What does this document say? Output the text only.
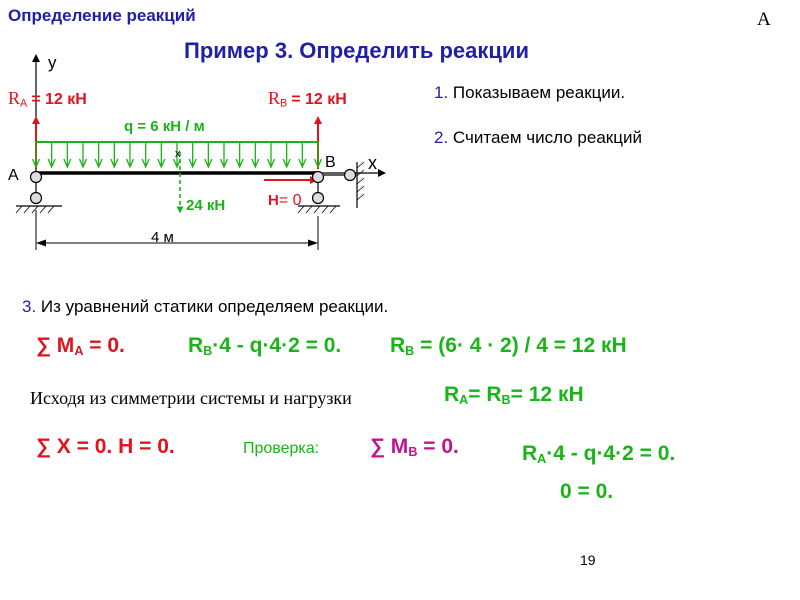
Определение реакций	A
Пример 3. Определить реакции
y
x
q = 6 кН / м
x
24 кН	H= 0
A
B
4 м
$R_A = 12$ кН	$R_B = 12$ кН	1. Показываем реакции.
2. Считаем число реакций
3. Из уравнений статики определяем реакции.
∑ $M_A = 0$.	$R_B\cdot 4 - q\cdot 4\cdot 2 = 0$. $R_B = (6\cdot 4 \cdot 2) / 4 = 12$ кН
Исходя из симметрии системы и нагрузки	$R_A= R_B= 12$ кН
∑ X = 0. H = 0.	Проверка: ∑ $M_B = 0$.	$R_A\cdot 4 - q\cdot 4\cdot 2 = 0$.
0 = 0.
19
